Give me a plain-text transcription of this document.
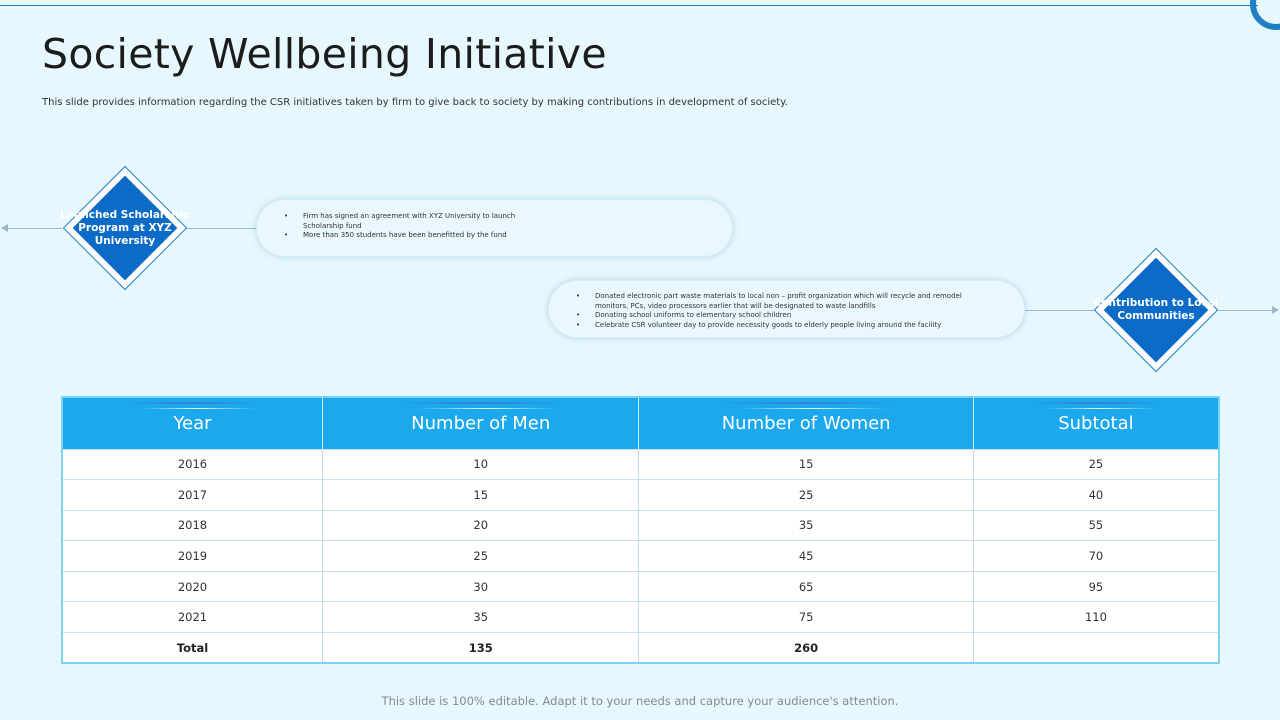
Society Wellbeing Initiative

This slide provides information regarding the CSR initiatives taken by firm to give back to society by making contributions in development of society.

Launched Scholarship Program at XYZ University
• Firm has signed an agreement with XYZ University to launch Scholarship fund
• More than 350 students have been benefitted by the fund
• Donated electronic part waste materials to local non – profit organization which will recycle and remodel monitors, PCs, video processors earlier that will be designated to waste landfills
• Donating school uniforms to elementary school children
• Celebrate CSR volunteer day to provide necessity goods to elderly people living around the facility
Contribution to Local Communities
Year	Number of Men	Number of Women	Subtotal
2016	10	15	25
2017	15	25	40
2018	20	35	55
2019	25	45	70
2020	30	65	95
2021	35	75	110
Total	135	260	
This slide is 100% editable. Adapt it to your needs and capture your audience's attention.
